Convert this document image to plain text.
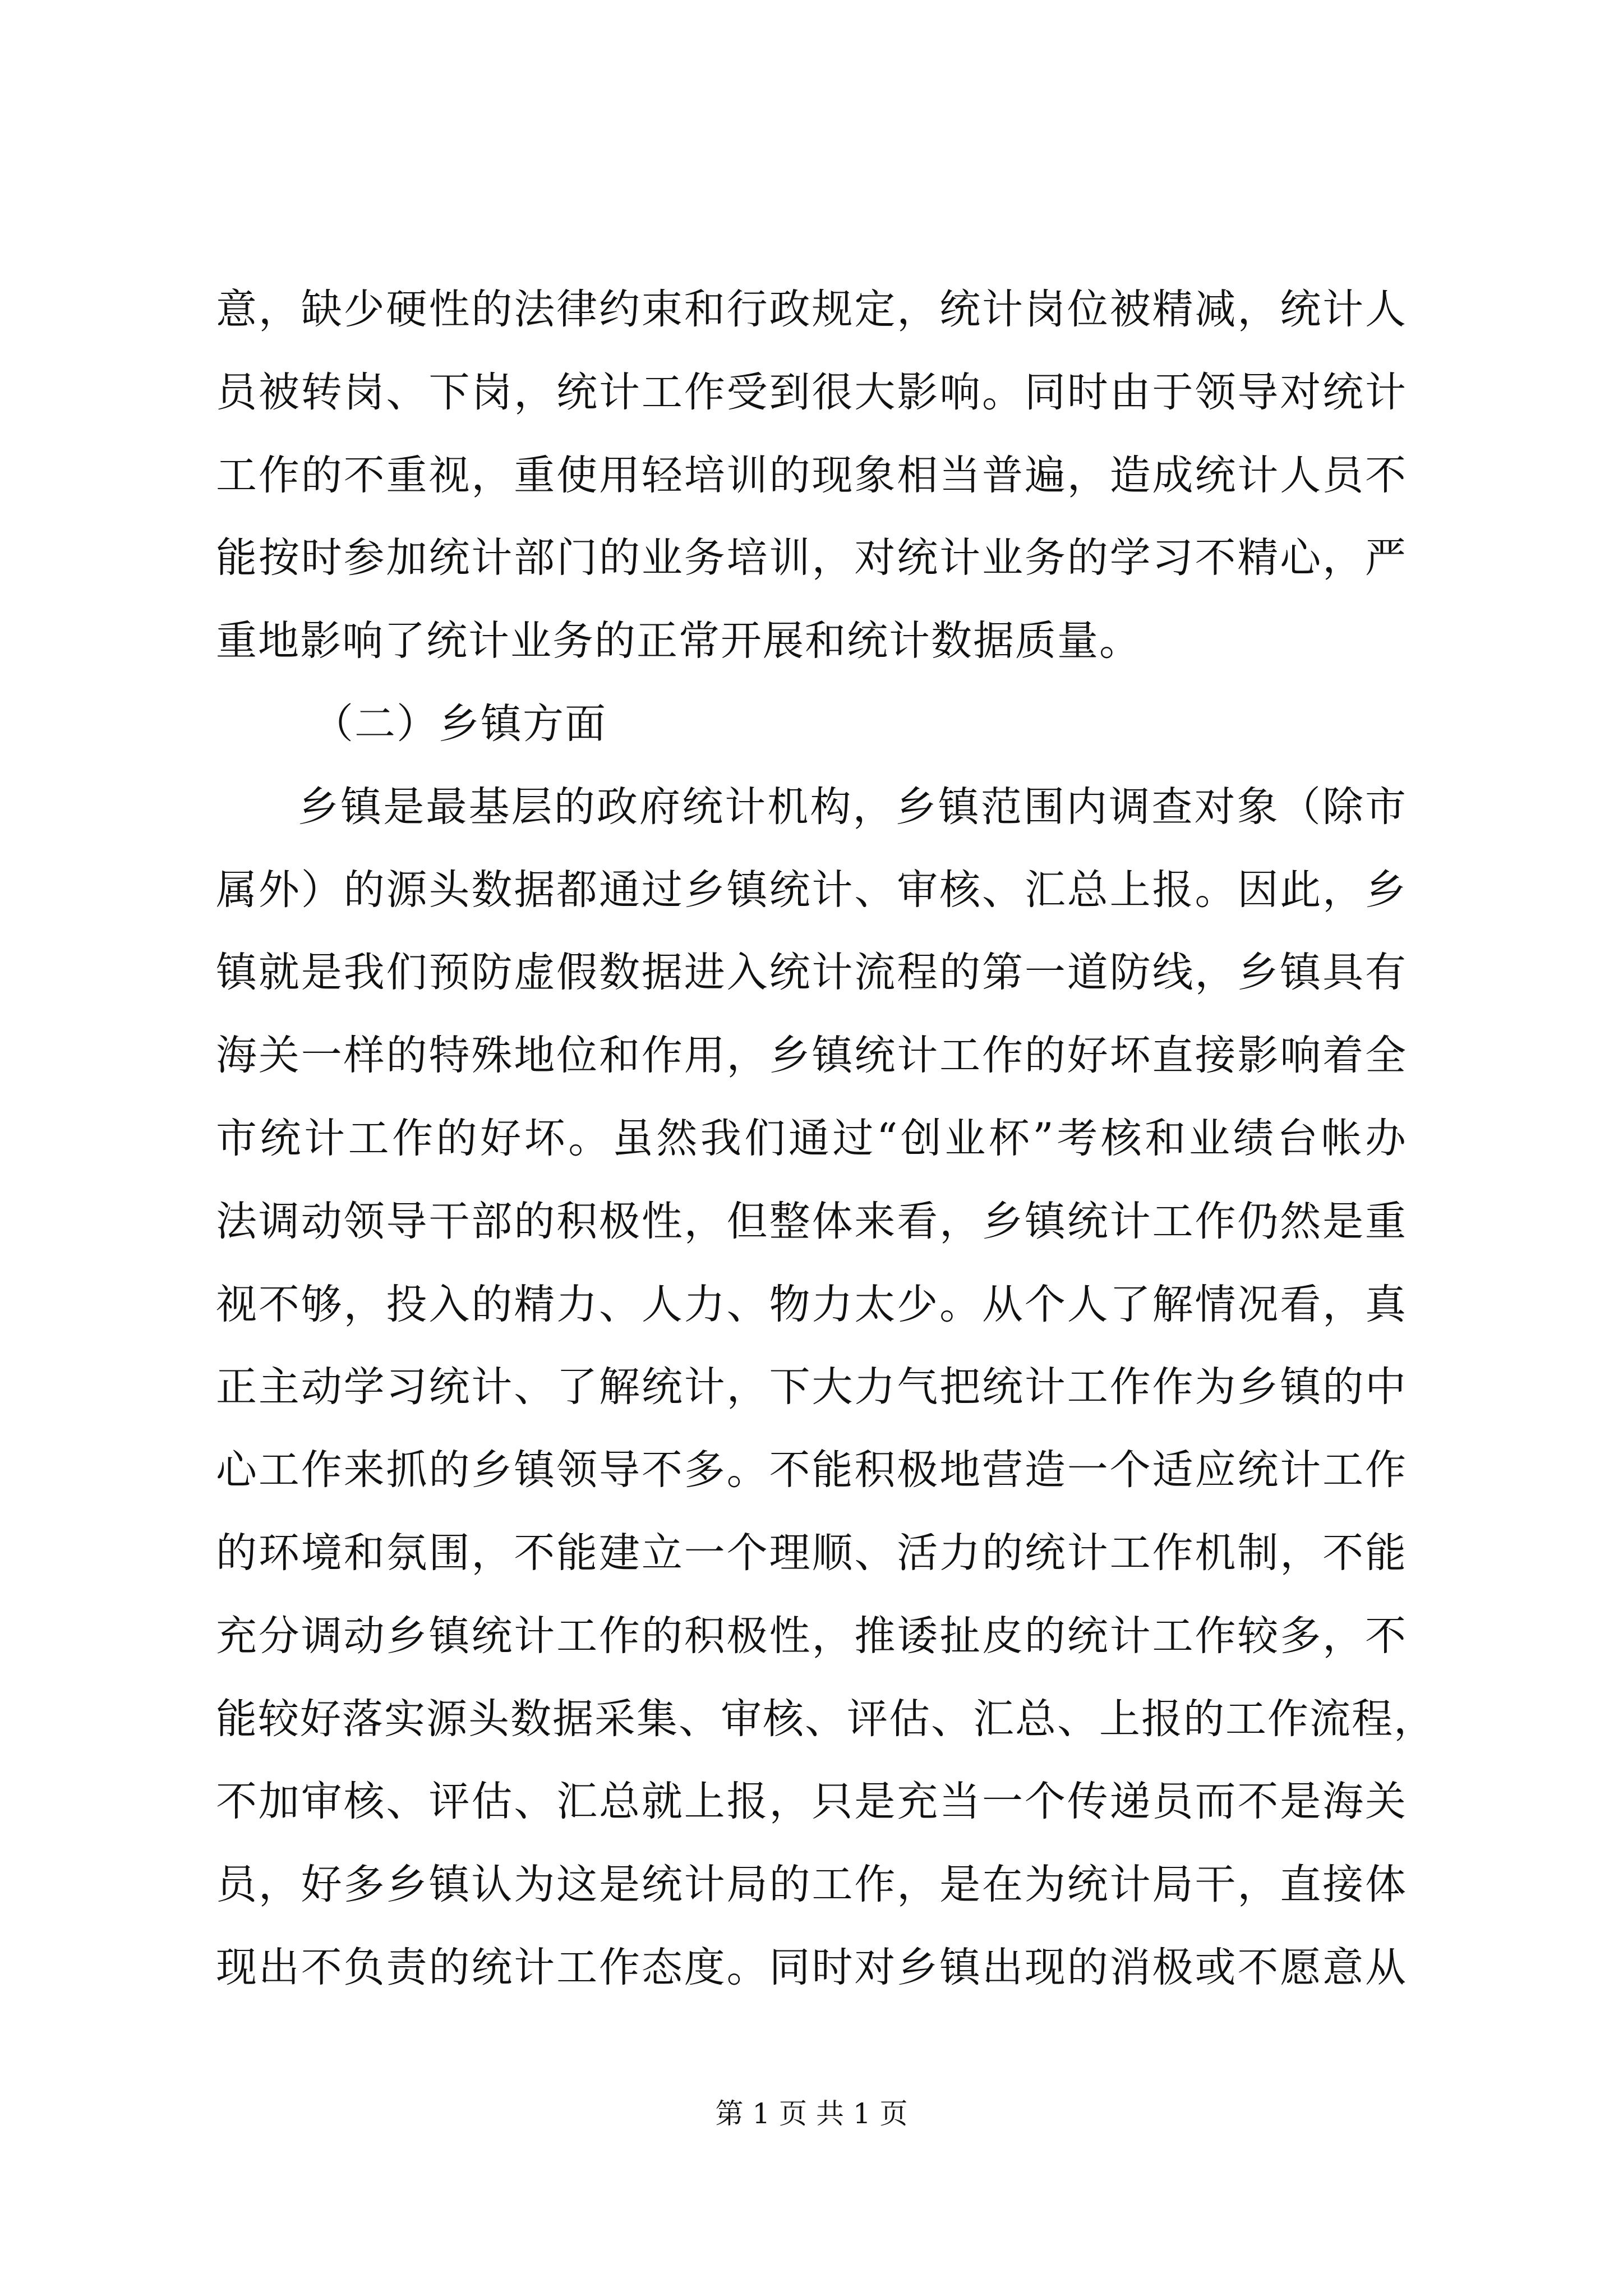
意，缺少硬性的法律约束和行政规定，统计岗位被精减，统计人
员被转岗、下岗，统计工作受到很大影响。同时由于领导对统计
工作的不重视，重使用轻培训的现象相当普遍，造成统计人员不
能按时参加统计部门的业务培训，对统计业务的学习不精心，严
重地影响了统计业务的正常开展和统计数据质量。
（二）乡镇方面
乡镇是最基层的政府统计机构，乡镇范围内调查对象（除市
属外）的源头数据都通过乡镇统计、审核、汇总上报。因此，乡
镇就是我们预防虚假数据进入统计流程的第一道防线，乡镇具有
海关一样的特殊地位和作用，乡镇统计工作的好坏直接影响着全
市统计工作的好坏。虽然我们通过“创业杯”考核和业绩台帐办
法调动领导干部的积极性，但整体来看，乡镇统计工作仍然是重
视不够，投入的精力、人力、物力太少。从个人了解情况看，真
正主动学习统计、了解统计，下大力气把统计工作作为乡镇的中
心工作来抓的乡镇领导不多。不能积极地营造一个适应统计工作
的环境和氛围，不能建立一个理顺、活力的统计工作机制，不能
充分调动乡镇统计工作的积极性，推诿扯皮的统计工作较多，不
能较好落实源头数据采集、审核、评估、汇总、上报的工作流程，
不加审核、评估、汇总就上报，只是充当一个传递员而不是海关
员，好多乡镇认为这是统计局的工作，是在为统计局干，直接体
现出不负责的统计工作态度。同时对乡镇出现的消极或不愿意从
第 1 页 共 1 页
